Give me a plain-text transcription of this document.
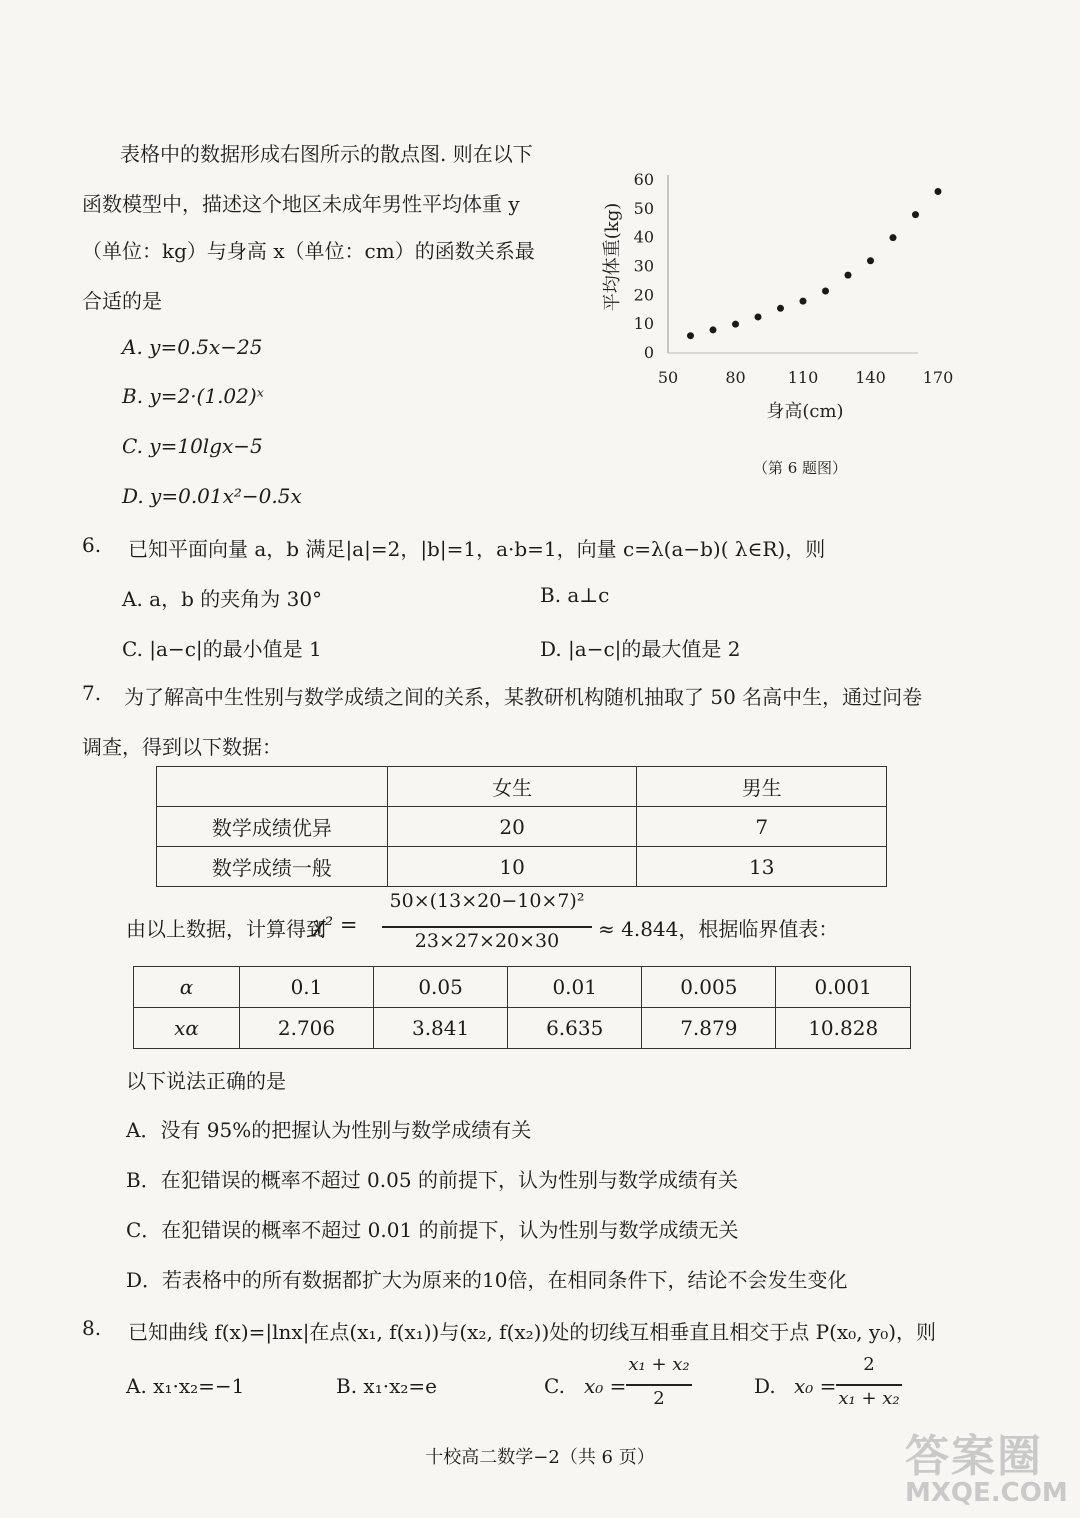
表格中的数据形成右图所示的散点图. 则在以下
函数模型中，描述这个地区未成年男性平均体重 y
（单位：kg）与身高 x（单位：cm）的函数关系最
合适的是
A. y=0.5x−25
B. y=2·(1.02)ˣ
C. y=10lgx−5
D. y=0.01x²−0.5x
0
10
20
30
40
50
60
50	80	110 140 170
身高(cm)
平均体重(kg)
（第 6 题图）
6. 已知平面向量 a，b 满足|a|=2，|b|=1，a·b=1，向量 c=λ(a−b)( λ∈R)，则
A. a，b 的夹角为 30°	B. a⊥c
C. |a−c|的最小值是 1	D. |a−c|的最大值是 2
7. 为了解高中生性别与数学成绩之间的关系，某教研机构随机抽取了 50 名高中生，通过问卷
调查，得到以下数据：
	女生	男生
数学成绩优异	20	7
数学成绩一般	10	13
由以上数据，计算得到
χ² =
50×(13×20−10×7)²
23×27×20×30	≈ 4.844，根据临界值表：
α	0.1	0.05	0.01	0.005	0.001
xα	2.706	3.841	6.635	7.879	10.828
以下说法正确的是
A．没有 95%的把握认为性别与数学成绩有关
B．在犯错误的概率不超过 0.05 的前提下，认为性别与数学成绩有关
C．在犯错误的概率不超过 0.01 的前提下，认为性别与数学成绩无关
D．若表格中的所有数据都扩大为原来的10倍，在相同条件下，结论不会发生变化
8. 已知曲线 f(x)=|lnx|在点(x₁, f(x₁))与(x₂, f(x₂))处的切线互相垂直且相交于点 P(x₀, y₀)，则
A. x₁·x₂=−1	B. x₁·x₂=e	C. x₀ =
x₁ + x₂
2
D. x₀ =
2
x₁ + x₂
十校高二数学−2（共 6 页）	答案圈
MXQE.COM
